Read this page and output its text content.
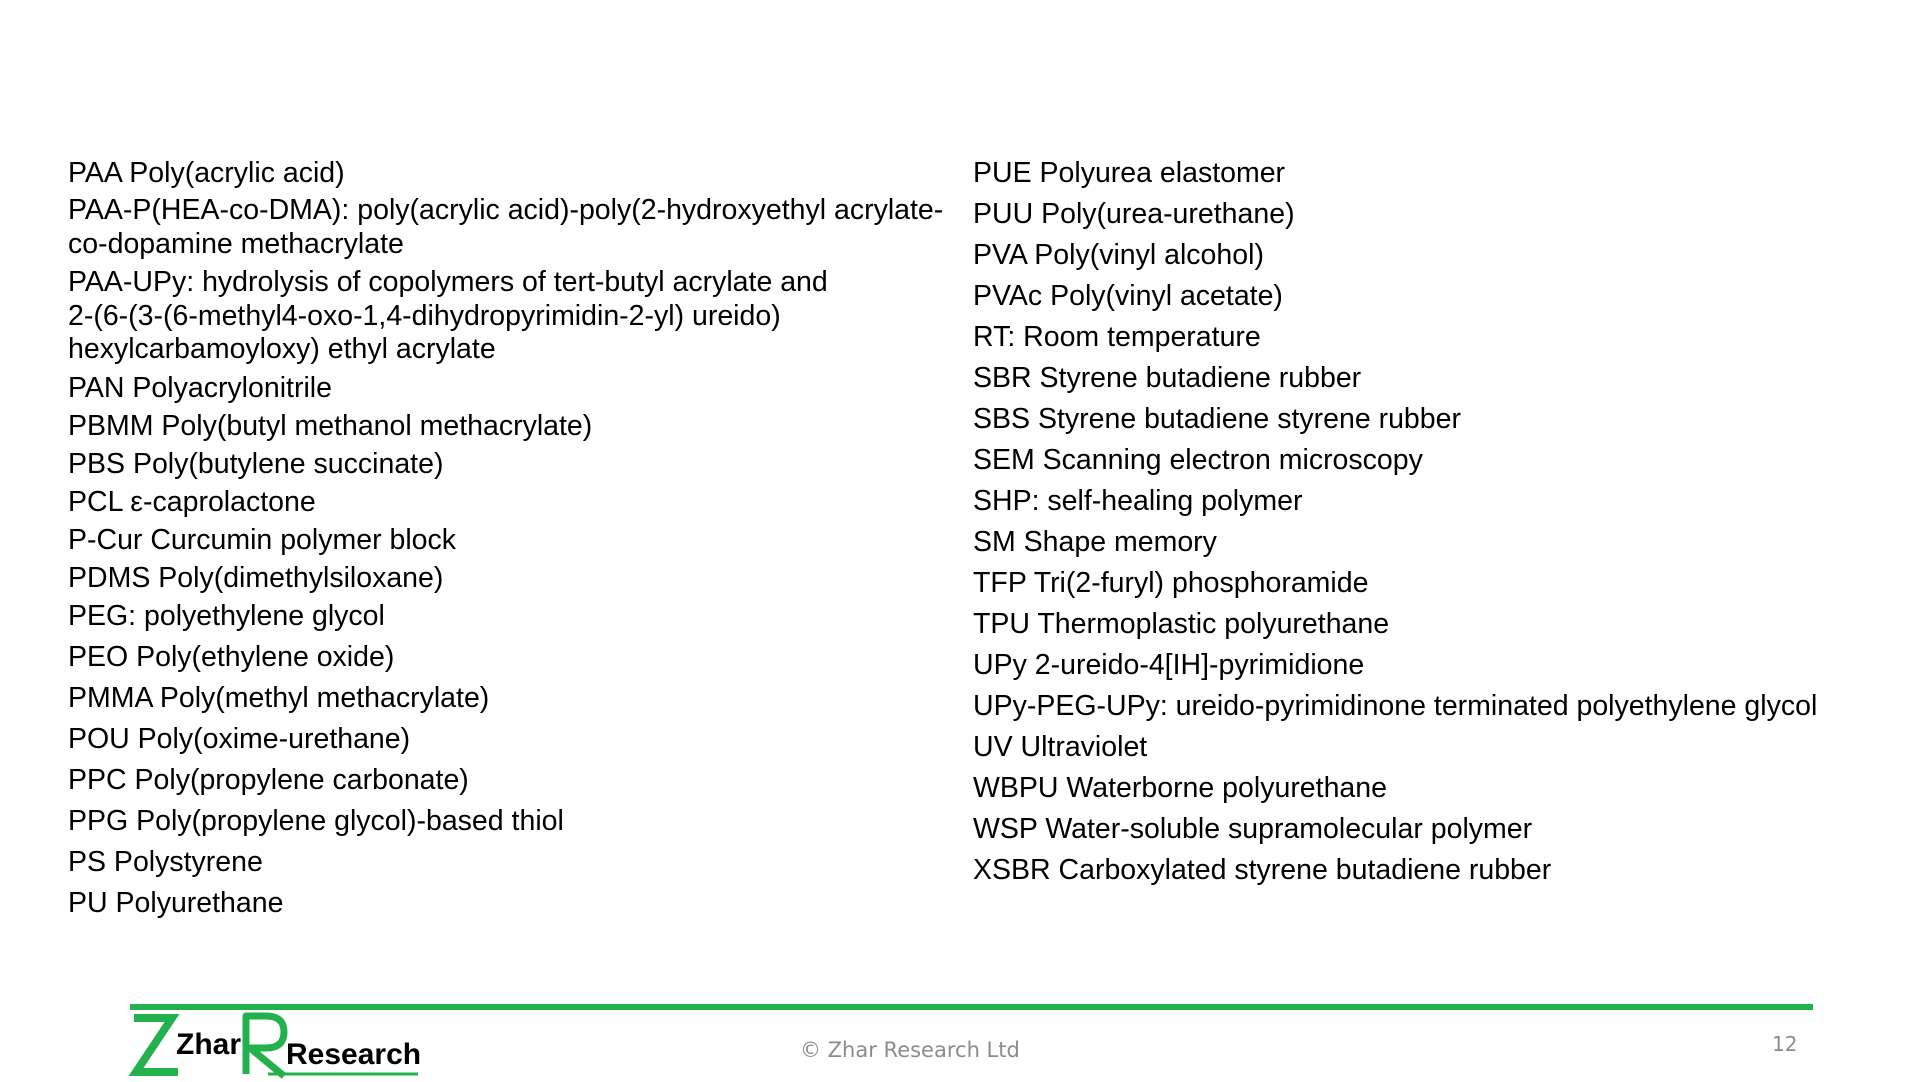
PAA Poly(acrylic acid)
PAA-P(HEA-co-DMA): poly(acrylic acid)-poly(2-hydroxyethyl acrylate-
co-dopamine methacrylate
PAA-UPy: hydrolysis of copolymers of tert-butyl acrylate and
2-(6-(3-(6-methyl4-oxo-1,4-dihydropyrimidin-2-yl) ureido)
hexylcarbamoyloxy) ethyl acrylate
PAN Polyacrylonitrile
PBMM Poly(butyl methanol methacrylate)
PBS Poly(butylene succinate)
PCL ε-caprolactone
P-Cur Curcumin polymer block
PDMS Poly(dimethylsiloxane)
PEG: polyethylene glycol
PEO Poly(ethylene oxide)
PMMA Poly(methyl methacrylate)
POU Poly(oxime-urethane)
PPC Poly(propylene carbonate)
PPG Poly(propylene glycol)-based thiol
PS Polystyrene
PU Polyurethane
PUE Polyurea elastomer
PUU Poly(urea-urethane)
PVA Poly(vinyl alcohol)
PVAc Poly(vinyl acetate)
RT: Room temperature
SBR Styrene butadiene rubber
SBS Styrene butadiene styrene rubber
SEM Scanning electron microscopy
SHP: self-healing polymer
SM Shape memory
TFP Tri(2-furyl) phosphoramide
TPU Thermoplastic polyurethane
UPy 2-ureido-4[IH]-pyrimidione
UPy-PEG-UPy: ureido-pyrimidinone terminated polyethylene glycol
UV Ultraviolet
WBPU Waterborne polyurethane
WSP Water-soluble supramolecular polymer
XSBR Carboxylated styrene butadiene rubber
Zhar Research	© Zhar Research Ltd	12
